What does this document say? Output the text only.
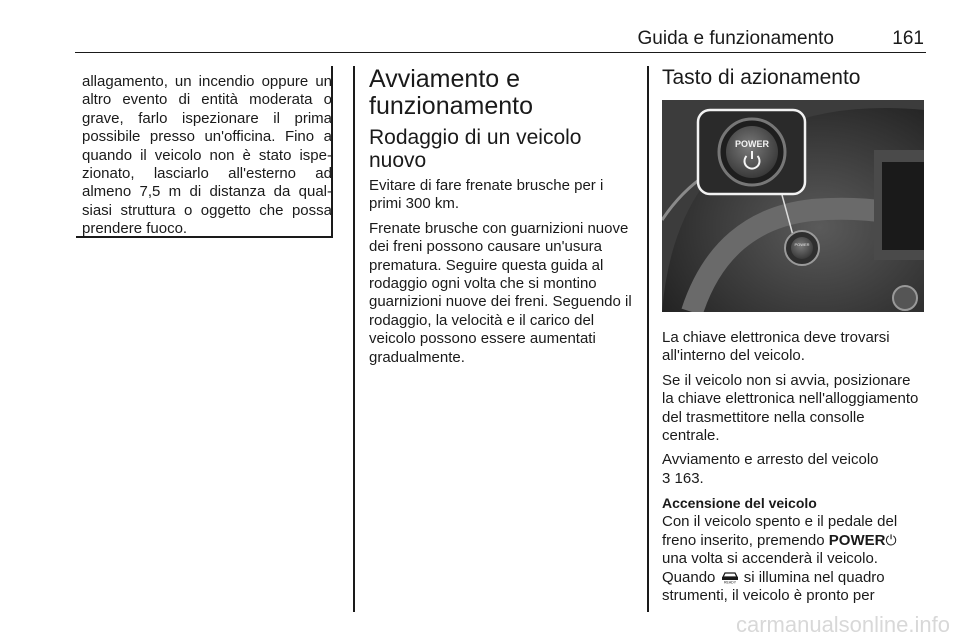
Guida e funzionamento	161

allagamento, un incendio oppure un altro evento di entità moderata o grave, farlo ispezionare il prima possibile presso un'officina. Fino a quando il veicolo non è stato ispezionato, lasciarlo all'esterno ad almeno 7,5 m di distanza da qualsiasi struttura o oggetto che possa prendere fuoco.

Avviamento e funzionamento
Rodaggio di un veicolo nuovo

Evitare di fare frenate brusche per i primi 300 km.

Frenate brusche con guarnizioni nuove dei freni possono causare un'usura prematura. Seguire questa guida al rodaggio ogni volta che si montino guarnizioni nuove dei freni. Seguendo il rodaggio, la velocità e il carico del veicolo possono essere aumentati gradualmente.

Tasto di azionamento
POWER
POWER

La chiave elettronica deve trovarsi all'interno del veicolo.

Se il veicolo non si avvia, posizionare la chiave elettronica nell'alloggiamento del trasmettitore nella consolle centrale.

Avviamento e arresto del veicolo
3 163.

Accensione del veicolo

Con il veicolo spento e il pedale del freno inserito, premendo POWER⏻
una volta si accenderà il veicolo.
Quando READY si illumina nel quadro strumenti, il veicolo è pronto per

carmanualsonline.info
